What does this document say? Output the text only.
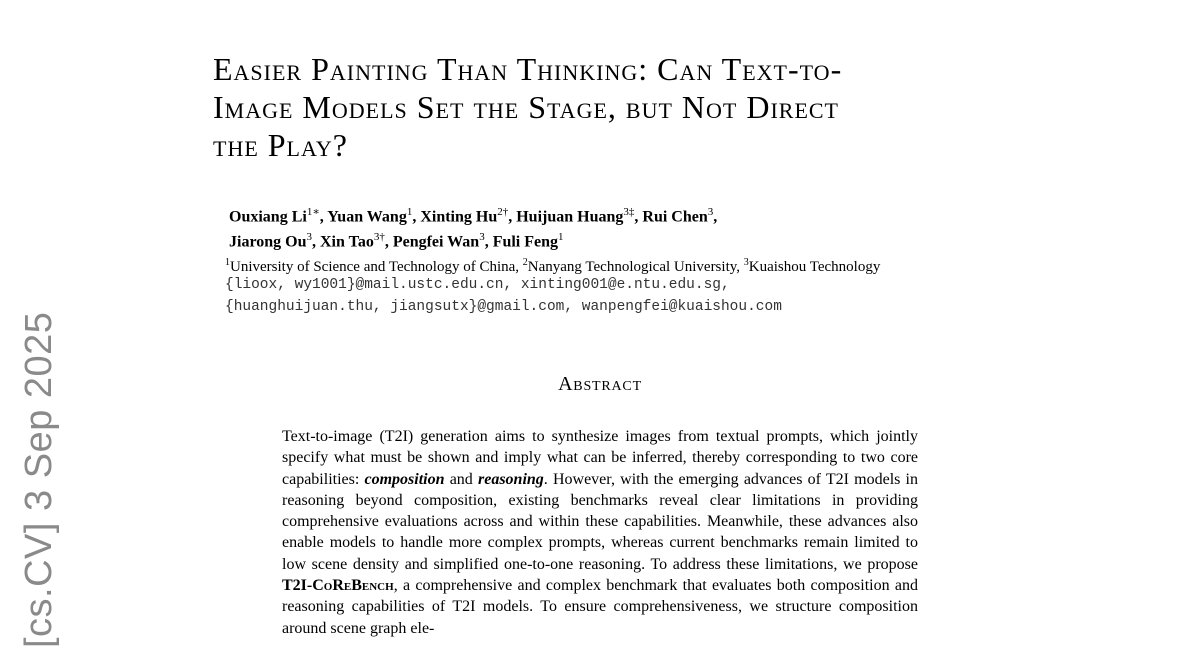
[cs.CV] 3 Sep 2025
Easier Painting Than Thinking: Can Text-to-
Image Models Set the Stage, but Not Direct
the Play?
Ouxiang $Li^{1∗}$, Yuan Wang$^1$, Xinting $Hu^{2\dagger}$, Huijuan Huang$^{3\ddagger}$, Rui Chen$^3$,
Jiarong Ou$^3$, Xin Tao$^{3\dagger}$, Pengfei Wan$^3$, Fuli Feng$^1$
$^1$University of Science and Technology of China, $^2$Nanyang Technological University, $^3$Kuaishou Technology
{lioox, wy1001}@mail.ustc.edu.cn, xinting001@e.ntu.edu.sg,
{huanghuijuan.thu, jiangsutx}@gmail.com, wanpengfei@kuaishou.com
Abstract

Text-to-image (T2I) generation aims to synthesize images from textual prompts, which jointly specify what must be shown and imply what can be inferred, thereby corresponding to two core capabilities: composition and reasoning. However, with the emerging advances of T2I models in reasoning beyond composition, existing benchmarks reveal clear limitations in providing comprehensive evaluations across and within these capabilities. Meanwhile, these advances also enable models to handle more complex prompts, whereas current benchmarks remain limited to low scene density and simplified one-to-one reasoning. To address these limitations, we propose T2I-CoReBench, a comprehensive and complex benchmark that evaluates both composition and reasoning capabilities of T2I models. To ensure comprehensiveness, we structure composition around scene graph ele-
